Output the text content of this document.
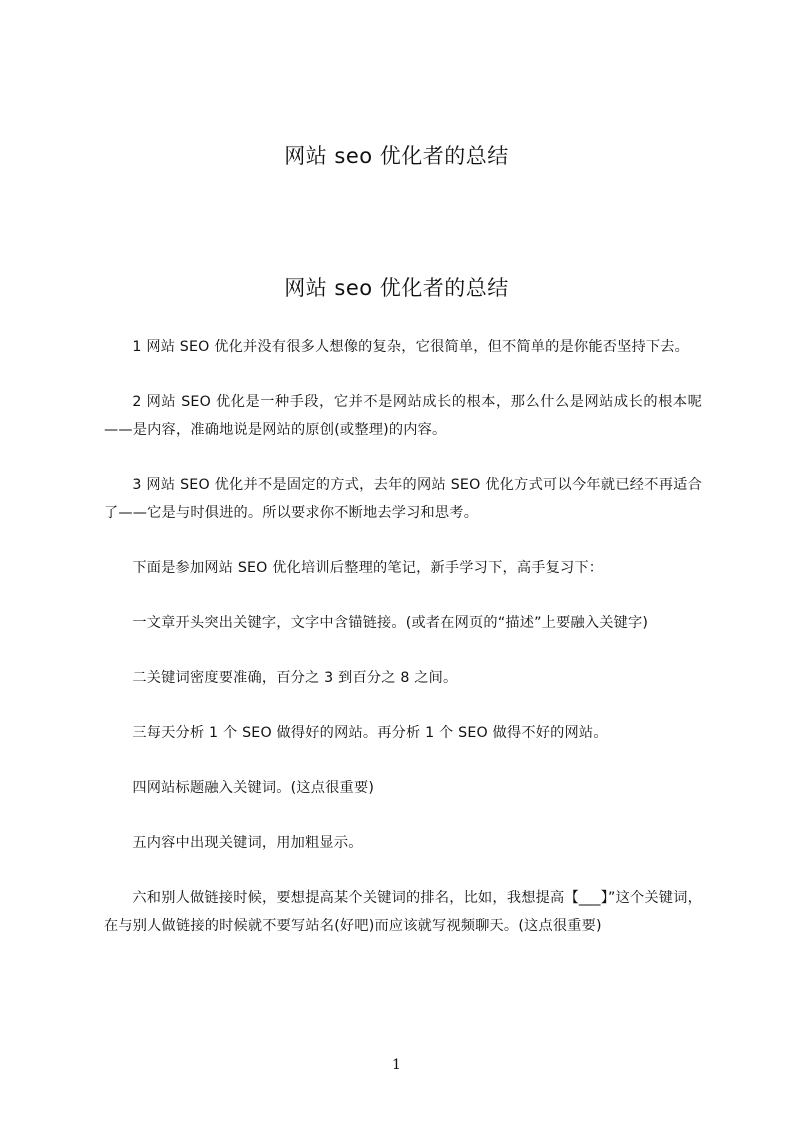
网站 seo 优化者的总结
网站 seo 优化者的总结

1 网站 SEO 优化并没有很多人想像的复杂，它很简单，但不简单的是你能否坚持下去。

2 网站 SEO 优化是一种手段，它并不是网站成长的根本，那么什么是网站成长的根本呢——是内容，准确地说是网站的原创(或整理)的内容。

3 网站 SEO 优化并不是固定的方式，去年的网站 SEO 优化方式可以今年就已经不再适合了——它是与时俱进的。所以要求你不断地去学习和思考。

下面是参加网站 SEO 优化培训后整理的笔记，新手学习下，高手复习下：

一文章开头突出关键字，文字中含锚链接。(或者在网页的“描述”上要融入关键字)

二关键词密度要准确，百分之 3 到百分之 8 之间。

三每天分析 1 个 SEO 做得好的网站。再分析 1 个 SEO 做得不好的网站。

四网站标题融入关键词。(这点很重要)

五内容中出现关键词，用加粗显示。

六和别人做链接时候，要想提高某个关键词的排名，比如，我想提高【___】”这个关键词，在与别人做链接的时候就不要写站名(好吧)而应该就写视频聊天。(这点很重要)

1
